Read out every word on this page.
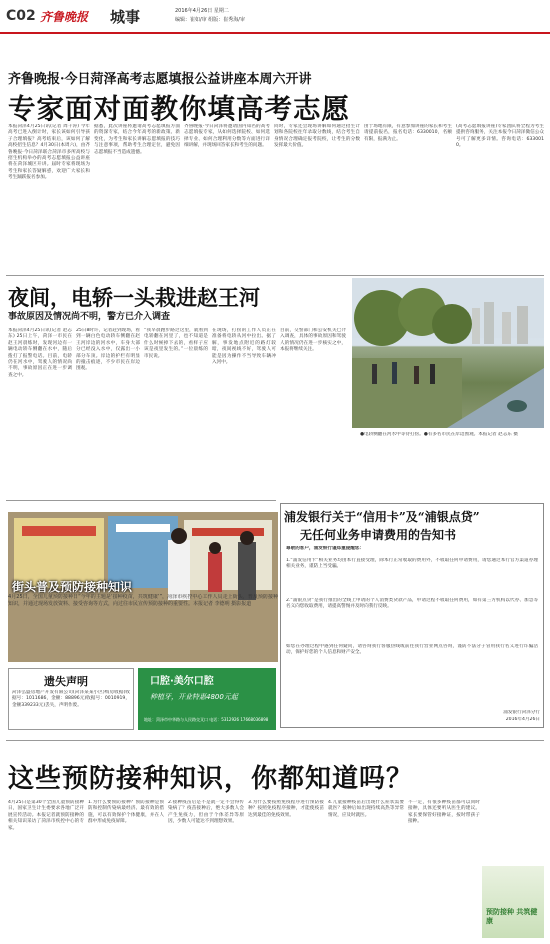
C02 齐鲁晚报 城事	2016年4月26日 星期二
编辑：崔如/审 组版：崔秀海/审
齐鲁晚报·今日菏泽高考志愿填报公益讲座本周六开讲
专家面对面教你填高考志愿
本报菏泽4月25日讯(记者 周千涛) 今年高考已进入倒计时，家长该如何引导孩子合理填报？高考结束后，该如何了解高校招生信息？4月30日(本周六)，由齐鲁晚报·今日菏泽联合菏泽市多所高校与招生机构举办的高考志愿填报公益讲座将在菏泽城区开讲。届时专家将现场为考生和家长答疑解惑，欢迎广大家长和考生踊跃报名参加。
据悉，此次讲座将邀请高考志愿填报方面的资深专家，结合今年高考的新政策、新变化，为考生和家长讲解志愿填报的技巧与注意事项，帮助考生合理定位，避免因志愿填报不当造成遗憾。
齐鲁晚报·今日菏泽将邀请国内知名的高考志愿填报专家，从如何选择院校、如何选择专业、如何合理利用分数等方面进行详细讲解，并现场回答家长和考生的问题。
同时，专家还会现场讲解如何通过招生计划和各院校往年录取分数线，结合考生自身情况合理确定报考院校，让考生的分数发挥最大价值。
由于场地有限，有意参加讲座的家长和考生请提前报名，报名电话：6330010，名额有限，报满为止。
(高考志愿填报讲座)专家团队将全程为考生提供咨询服务，关注本报今日菏泽微信公众号可了解更多详情。咨询电话：6330010。
夜间，电轿一头栽进赵王河
事故原因及情况尚不明，警方已介入调查
本报菏泽4月25日讯(记者 赵志东) 25日上午，菏泽一市民在赵王河晨练时，发现河边有一辆电动轿车侧翻在水中，随后拨打了报警电话。目前，电轿仍在河水中，驾驶人的情况尚不明，事故原因正在进一步调查之中。
25日8时许，记者赶到现场，看到一辆白色电动轿车侧翻在赵王河岸边的河水中，车身大部分已经没入水中，仅露出一小部分车顶。岸边的护栏有明显的撞击痕迹，不少市民在岸边围观。
“我早晨跑步路过这里，就看到电轿翻在河里了，也不知道是什么时候掉下去的，看样子应该是夜里发生的。”一位晨练的市民说。
在现场，打捞的工作人员正在准备将电轿从河中拉出。据了解，事发地点附近的路灯较暗，夜间视线不好，驾驶人可能是因为操作不当导致车辆冲入河中。
目前，交警部门和公安机关已介入调查，具体的事故原因和驾驶人的情况仍在进一步核实之中，本报将继续关注。
●电轿侧翻在河水中等待打捞。●有多名市民在岸边围观。本报记者 赵志东 摄
街头普及预防接种知识
4月25日，全国儿童预防接种日“今年的主题是‘接种疫苗，共筑健康’”，菏泽市疾控中心工作人员走上街头，普及预防接种知识，并通过现场发放资料、接受咨询等方式，向过往市民宣传预防接种的重要性。本报记者 李德明 摄影报道
浦发银行关于“信用卡”及“浦银点贷”
无任何业务申请费用的告知书
尊敬的客户，浦发银行谨郑重提醒您：
1.“浦发信用卡”相关业务均由本行直接受理，除本行正常收取的费用外，不收取任何申请费用，请您通过本行官方渠道办理相关业务，谨防上当受骗。
2.“浦银点贷”是我行推出的全线上申请的个人消费类贷款产品，申请过程不收取任何费用，如有第三方机构以代办、加急等名义向您收取费用，请提高警惕并及时向我行反映。
如您在办理过程中遇到任何疑问，请咨询我行客服热线或前往我行营业网点咨询，谨防不法分子冒用我行名义进行诈骗活动，保护好您的个人信息和财产安全。
浦发银行菏泽分行
2016年4月26日
遗失声明
菏泽弘盛房地产开发有限公司(菏泽某某小区)购房收据(收据号：1011686，金额：88896元)收据号：0010919，金额339233元)丢失，声明作废。
口腔·美尔口腔
种植牙，开业特惠4800元起
地址：菏泽市中华路与人民路交叉口 电话：5312926 17668036898
这些预防接种知识，你都知道吗？
4月25日是第30个全国儿童预防接种日，国家卫生计生委要求各地广泛开展宣传活动。本报记者就预防接种的相关知识采访了菏泽市疾控中心的专家。
1.为什么要预防接种？预防接种是预防和控制传染病最经济、最有效的措施，可以有效保护个体健康，并在人群中形成免疫屏障。
2.接种疫苗后是不是就一定不会得传染病了？疫苗接种后，绝大多数人会产生免疫力，但由于个体差异等原因，少数人可能达不到理想效果。
3.为什么要按照免疫程序进行预防接种？按照免疫程序接种，才能使疫苗达到最佳的免疫效果。
4.儿童接种疫苗后出现什么症状需要就医？接种后如出现持续高热等异常情况，应及时就医。
不一定，有很多种疫苗都可以同时接种，具体还要听从医生的建议。家长要保管好接种证，按时带孩子接种。
预防接种 共筑健康
